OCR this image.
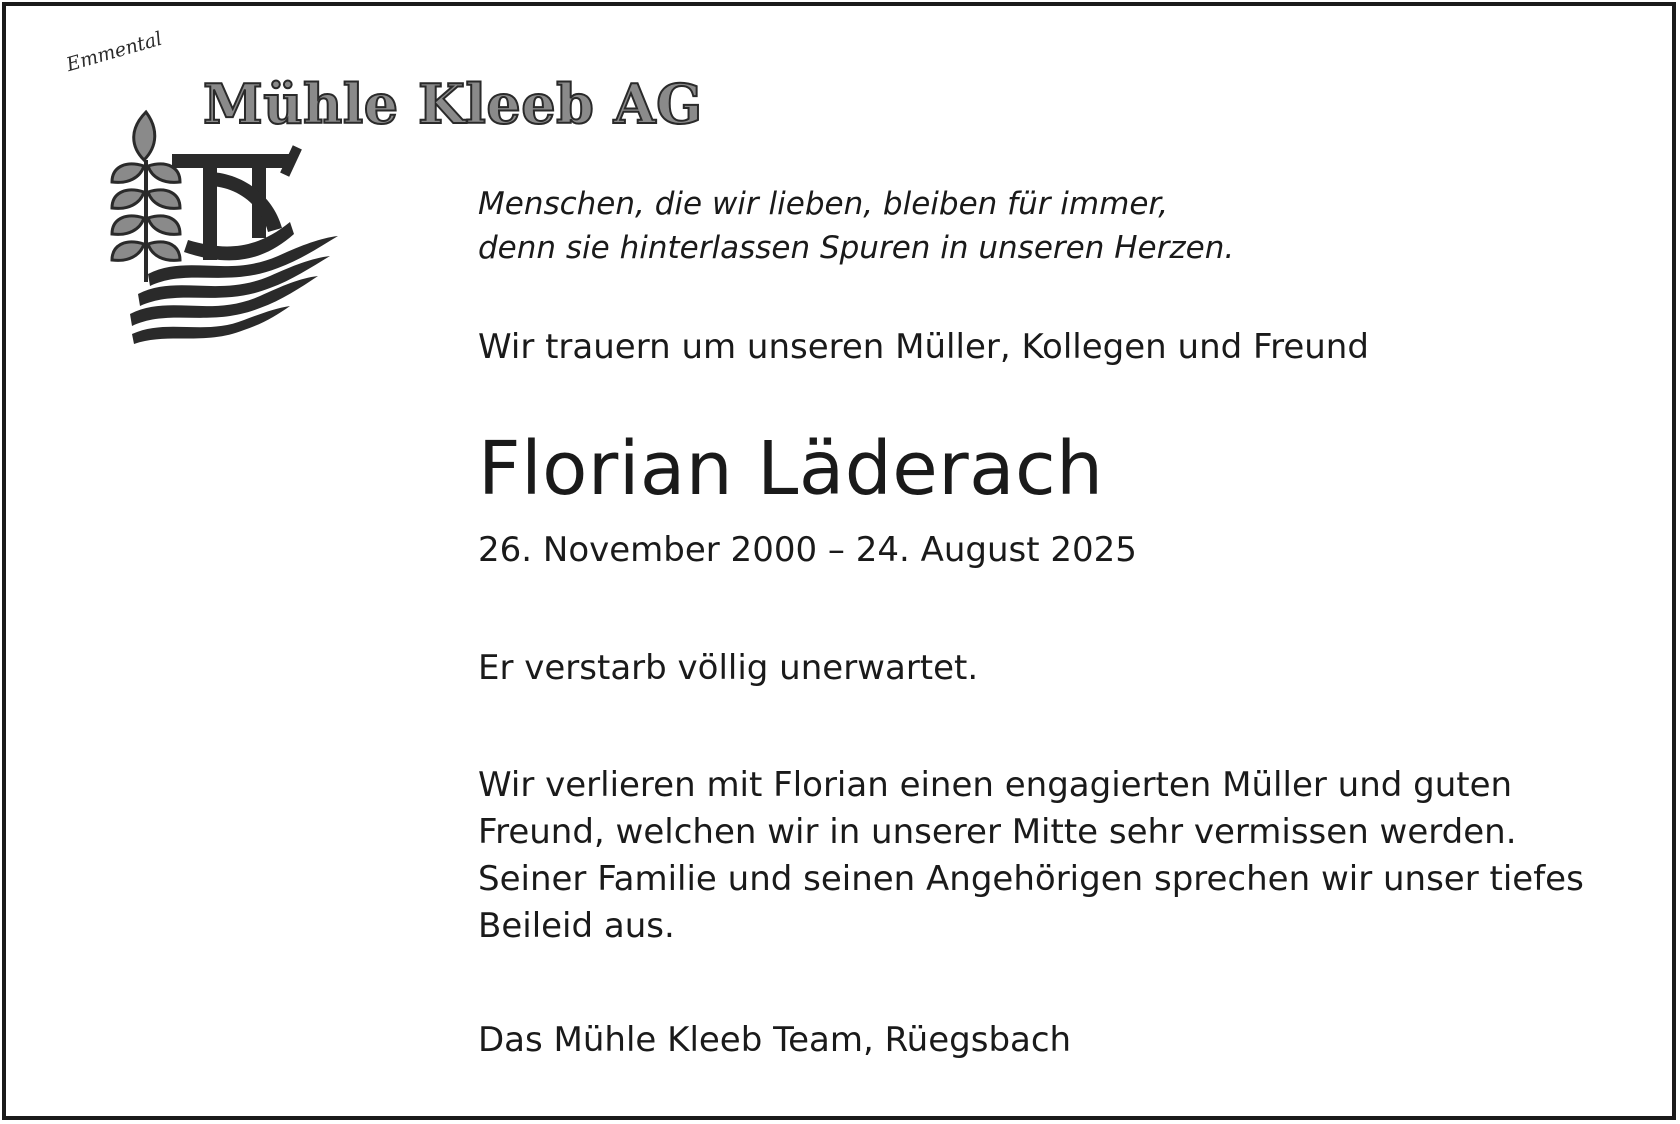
Emmental
Mühle Kleeb AG
Menschen, die wir lieben, bleiben für immer,
denn sie hinterlassen Spuren in unseren Herzen.
Wir trauern um unseren Müller, Kollegen und Freund
Florian Läderach
26. November 2000 – 24. August 2025
Er verstarb völlig unerwartet.
Wir verlieren mit Florian einen engagierten Müller und guten Freund, welchen wir in unserer Mitte sehr vermissen werden. Seiner Familie und seinen Angehörigen sprechen wir unser tiefes Beileid aus.
Das Mühle Kleeb Team, Rüegsbach
